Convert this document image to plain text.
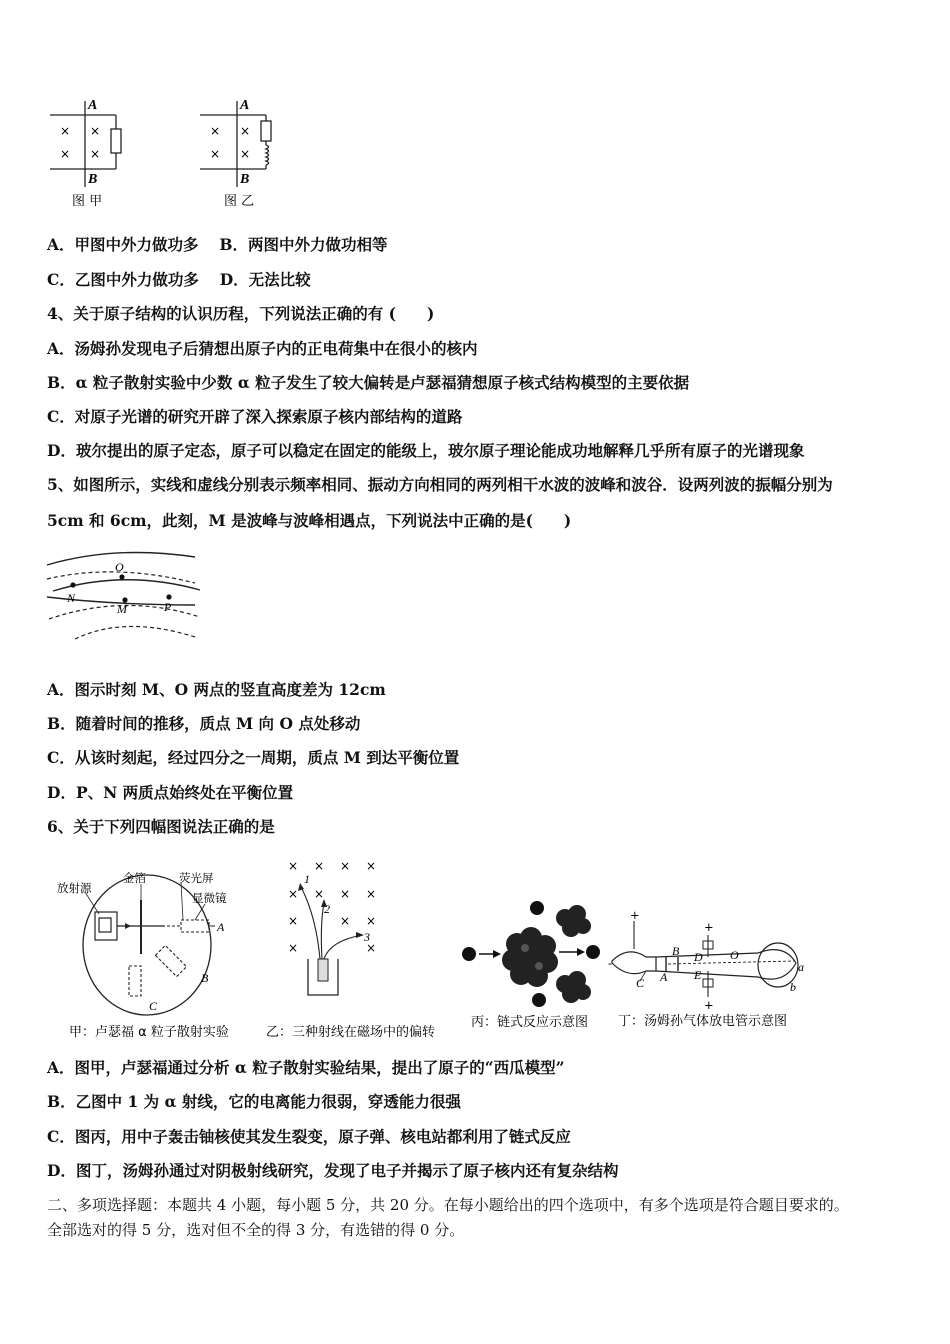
A
B
× ×
× ×
图 甲
A
B
× ×
× ×
图 乙
A．甲图中外力做功多 　B．两图中外力做功相等
C．乙图中外力做功多 　D．无法比较
4、关于原子结构的认识历程，下列说法正确的有 (　　)
A．汤姆孙发现电子后猜想出原子内的正电荷集中在很小的核内
B．α 粒子散射实验中少数 α 粒子发生了较大偏转是卢瑟福猜想原子核式结构模型的主要依据
C．对原子光谱的研究开辟了深入探索原子核内部结构的道路
D．玻尔提出的原子定态，原子可以稳定在固定的能级上，玻尔原子理论能成功地解释几乎所有原子的光谱现象
5、如图所示，实线和虚线分别表示频率相同、振动方向相同的两列相干水波的波峰和波谷．设两列波的振幅分别为
5cm 和 6cm，此刻，M 是波峰与波峰相遇点，下列说法中正确的是(　　)
O
N
M	P
A．图示时刻 M、O 两点的竖直高度差为 12cm
B．随着时间的推移，质点 M 向 O 点处移动
C．从该时刻起，经过四分之一周期，质点 M 到达平衡位置
D．P、N 两质点始终处在平衡位置
6、关于下列四幅图说法正确的是
放射源
金箔	荧光屏
显微镜
A
B
C
甲：卢瑟福 α 粒子散射实验
× × × ×
× × × ×
×	× ×
×	×
1
2
3
乙：三种射线在磁场中的偏转
丙：链式反应示意图
+
-
+
+
C A
B D
E
O
a
b
丁：汤姆孙气体放电管示意图
A．图甲，卢瑟福通过分析 α 粒子散射实验结果，提出了原子的“西瓜模型”
B．乙图中 1 为 α 射线，它的电离能力很弱，穿透能力很强
C．图丙，用中子轰击铀核使其发生裂变，原子弹、核电站都利用了链式反应
D．图丁，汤姆孙通过对阴极射线研究，发现了电子并揭示了原子核内还有复杂结构
二、多项选择题：本题共 4 小题，每小题 5 分，共 20 分。在每小题给出的四个选项中，有多个选项是符合题目要求的。
全部选对的得 5 分，选对但不全的得 3 分，有选错的得 0 分。
